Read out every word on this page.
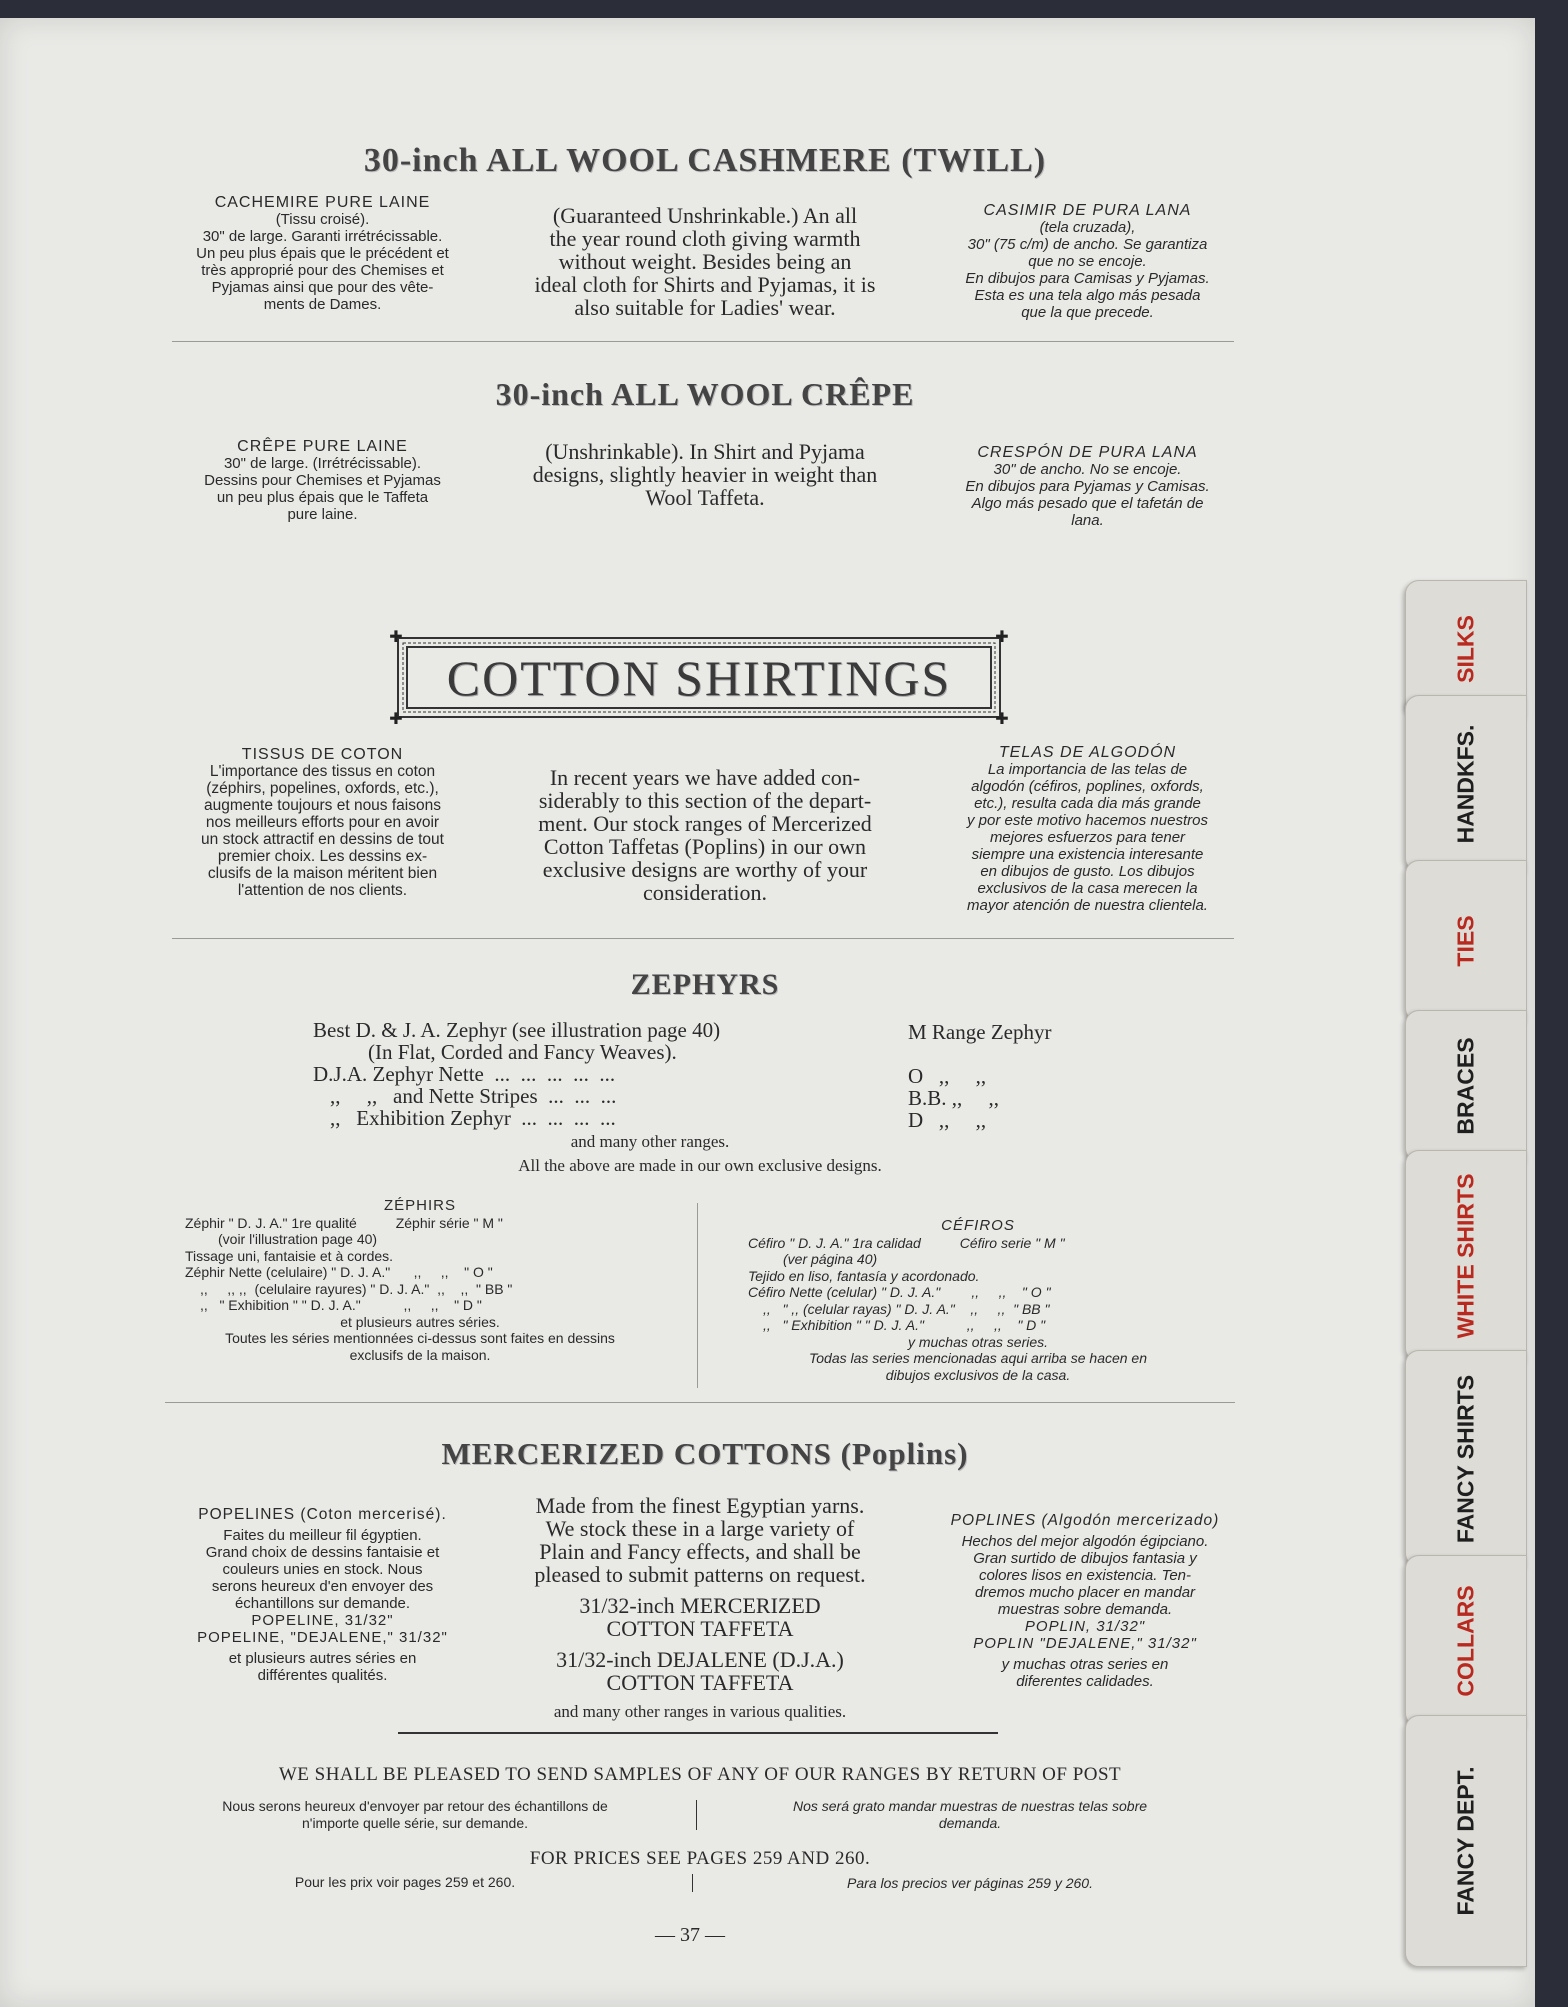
30-inch ALL WOOL CASHMERE (TWILL)
CACHEMIRE PURE LAINE
(Tissu croisé).
30" de large. Garanti irrétrécissable.
Un peu plus épais que le précédent et
très approprié pour des Chemises et
Pyjamas ainsi que pour des vête-
ments de Dames.
(Guaranteed Unshrinkable.) An all
the year round cloth giving warmth
without weight. Besides being an
ideal cloth for Shirts and Pyjamas, it is
also suitable for Ladies' wear.
CASIMIR DE PURA LANA
(tela cruzada),
30" (75 c/m) de ancho. Se garantiza
que no se encoje.
En dibujos para Camisas y Pyjamas.
Esta es una tela algo más pesada
que la que precede.
30-inch ALL WOOL CRÊPE
CRÊPE PURE LAINE
30" de large. (Irrétrécissable).
Dessins pour Chemises et Pyjamas
un peu plus épais que le Taffeta
pure laine.
(Unshrinkable). In Shirt and Pyjama
designs, slightly heavier in weight than
Wool Taffeta.
CRESPÓN DE PURA LANA
30" de ancho. No se encoje.
En dibujos para Pyjamas y Camisas.
Algo más pesado que el tafetán de
lana.
✚	✚
✚	✚
COTTON SHIRTINGS
TISSUS DE COTON
L'importance des tissus en coton
(zéphirs, popelines, oxfords, etc.),
augmente toujours et nous faisons
nos meilleurs efforts pour en avoir
un stock attractif en dessins de tout
premier choix. Les dessins ex-
clusifs de la maison méritent bien
l'attention de nos clients.
In recent years we have added con-
siderably to this section of the depart-
ment. Our stock ranges of Mercerized
Cotton Taffetas (Poplins) in our own
exclusive designs are worthy of your
consideration.
TELAS DE ALGODÓN
La importancia de las telas de
algodón (céfiros, poplines, oxfords,
etc.), resulta cada dia más grande
y por este motivo hacemos nuestros
mejores esfuerzos para tener
siempre una existencia interesante
en dibujos de gusto. Los dibujos
exclusivos de la casa merecen la
mayor atención de nuestra clientela.
ZEPHYRS
Best D. & J. A. Zephyr (see illustration page 40)	M Range Zephyr
(In Flat, Corded and Fancy Weaves).
D.J.A. Zephyr Nette  ...  ...  ...  ...  ...	O   ,,     ,,
,,     ,,   and Nette Stripes  ...  ...  ...	B.B. ,,     ,,
,,   Exhibition Zephyr  ...  ...  ...  ...	D   ,,     ,,
and many other ranges.
All the above are made in our own exclusive designs.
ZÉPHIRS
Zéphir " D. J. A." 1re qualité          Zéphir série " M "
(voir l'illustration page 40)
Tissage uni, fantaisie et à cordes.
Zéphir Nette (celulaire) " D. J. A."      ,,     ,,    " O "
,,     ,, ,,  (celulaire rayures) " D. J. A."  ,,    ,,  " BB "
,,   " Exhibition " " D. J. A."           ,,     ,,    " D "
et plusieurs autres séries.
Toutes les séries mentionnées ci-dessus sont faites en dessins
exclusifs de la maison.
CÉFIROS
Céfiro " D. J. A." 1ra calidad          Céfiro serie " M "
(ver página 40)
Tejido en liso, fantasía y acordonado.
Céfiro Nette (celular) " D. J. A."        ,,     ,,    " O "
,,   " ,, (celular rayas) " D. J. A."    ,,     ,,  " BB "
,,   " Exhibition " " D. J. A."           ,,     ,,    " D "
y muchas otras series.
Todas las series mencionadas aqui arriba se hacen en
dibujos exclusivos de la casa.
MERCERIZED COTTONS (Poplins)
POPELINES (Coton mercerisé).
Faites du meilleur fil égyptien.
Grand choix de dessins fantaisie et
couleurs unies en stock. Nous
serons heureux d'en envoyer des
échantillons sur demande.
POPELINE, 31/32"
POPELINE, "DEJALENE," 31/32"
et plusieurs autres séries en
différentes qualités.
Made from the finest Egyptian yarns.
We stock these in a large variety of
Plain and Fancy effects, and shall be
pleased to submit patterns on request.
31/32-inch MERCERIZED
COTTON TAFFETA
31/32-inch DEJALENE (D.J.A.)
COTTON TAFFETA
and many other ranges in various qualities.
POPLINES (Algodón mercerizado)
Hechos del mejor algodón égipciano.
Gran surtido de dibujos fantasia y
colores lisos en existencia. Ten-
dremos mucho placer en mandar
muestras sobre demanda.
POPLIN, 31/32"
POPLIN "DEJALENE," 31/32"
y muchas otras series en
diferentes calidades.
WE SHALL BE PLEASED TO SEND SAMPLES OF ANY OF OUR RANGES BY RETURN OF POST
Nous serons heureux d'envoyer par retour des échantillons de
n'importe quelle série, sur demande.
Nos será grato mandar muestras de nuestras telas sobre
demanda.
FOR PRICES SEE PAGES 259 AND 260.
Pour les prix voir pages 259 et 260.	Para los precios ver páginas 259 y 260.
— 37 —
SILKS
HANDKFS.
TIES
BRACES
WHITE SHIRTS
FANCY SHIRTS
COLLARS
FANCY DEPT.
